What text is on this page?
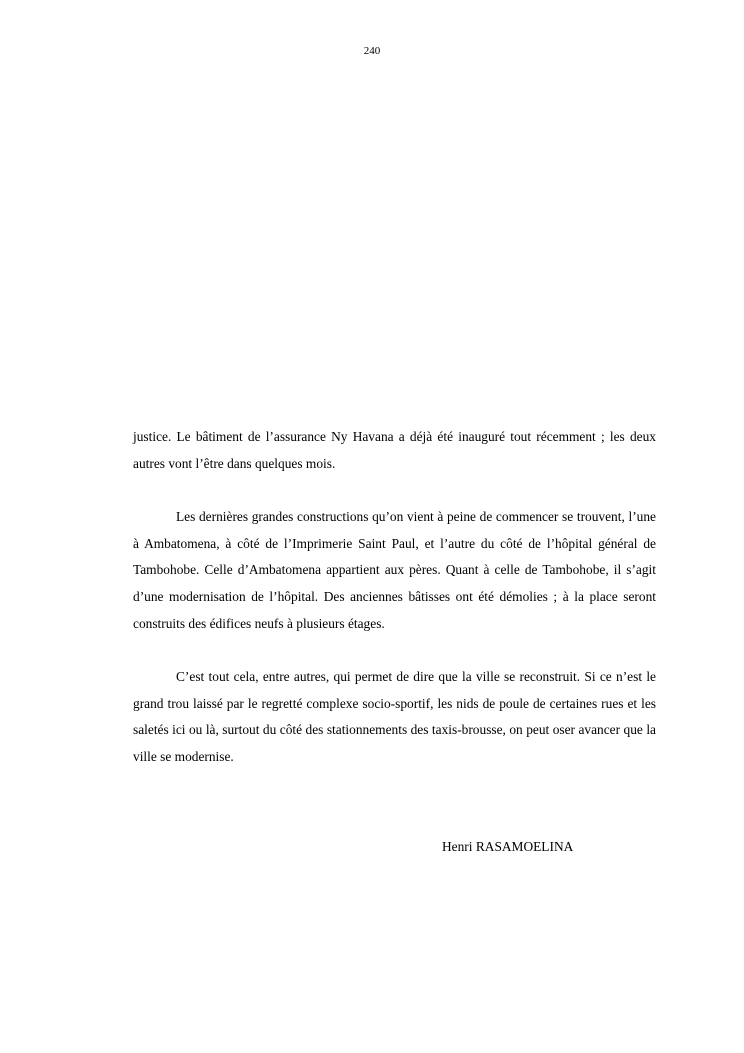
240

justice. Le bâtiment de l’assurance Ny Havana a déjà été inauguré tout récemment ; les deux autres vont l’être dans quelques mois.

Les dernières grandes constructions qu’on vient à peine de commencer se trouvent, l’une à Ambatomena, à côté de l’Imprimerie Saint Paul, et l’autre du côté de l’hôpital général de Tambohobe. Celle d’Ambatomena appartient aux pères. Quant à celle de Tambohobe, il s’agit d’une modernisation de l’hôpital. Des anciennes bâtisses ont été démolies ; à la place seront construits des édifices neufs à plusieurs étages.

C’est tout cela, entre autres, qui permet de dire que la ville se reconstruit. Si ce n’est le grand trou laissé par le regretté complexe socio-sportif, les nids de poule de certaines rues et les saletés ici ou là, surtout du côté des stationnements des taxis-brousse, on peut oser avancer que la ville se modernise.

Henri RASAMOELINA
